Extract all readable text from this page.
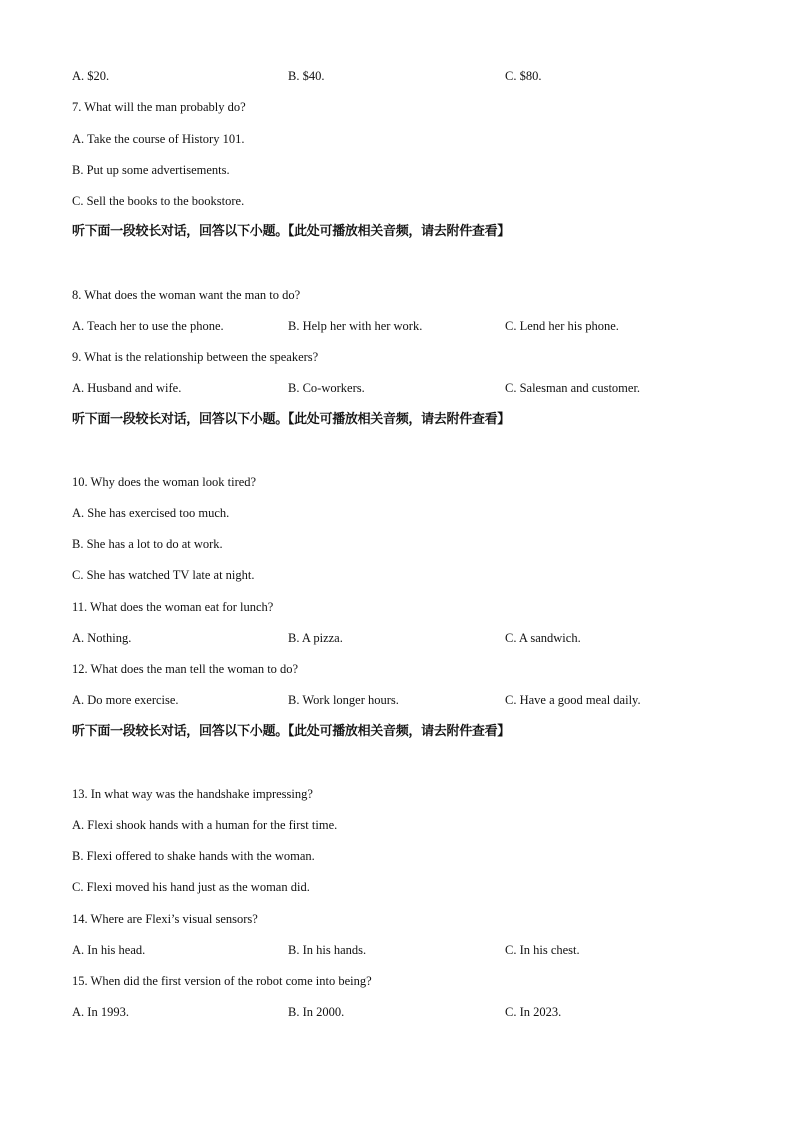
A. $20.	B. $40.	C. $80.
7. What will the man probably do?
A. Take the course of History 101.
B. Put up some advertisements.
C. Sell the books to the bookstore.
听下面一段较长对话，回答以下小题。【此处可播放相关音频，请去附件查看】
8. What does the woman want the man to do?
A. Teach her to use the phone.	B. Help her with her work.	C. Lend her his phone.
9. What is the relationship between the speakers?
A. Husband and wife.	B. Co-workers.	C. Salesman and customer.
听下面一段较长对话，回答以下小题。【此处可播放相关音频，请去附件查看】
10. Why does the woman look tired?
A. She has exercised too much.
B. She has a lot to do at work.
C. She has watched TV late at night.
11. What does the woman eat for lunch?
A. Nothing.	B. A pizza.	C. A sandwich.
12. What does the man tell the woman to do?
A. Do more exercise.	B. Work longer hours.	C. Have a good meal daily.
听下面一段较长对话，回答以下小题。【此处可播放相关音频，请去附件查看】
13. In what way was the handshake impressing?
A. Flexi shook hands with a human for the first time.
B. Flexi offered to shake hands with the woman.
C. Flexi moved his hand just as the woman did.
14. Where are Flexi’s visual sensors?
A. In his head.	B. In his hands.	C. In his chest.
15. When did the first version of the robot come into being?
A. In 1993.	B. In 2000.	C. In 2023.
